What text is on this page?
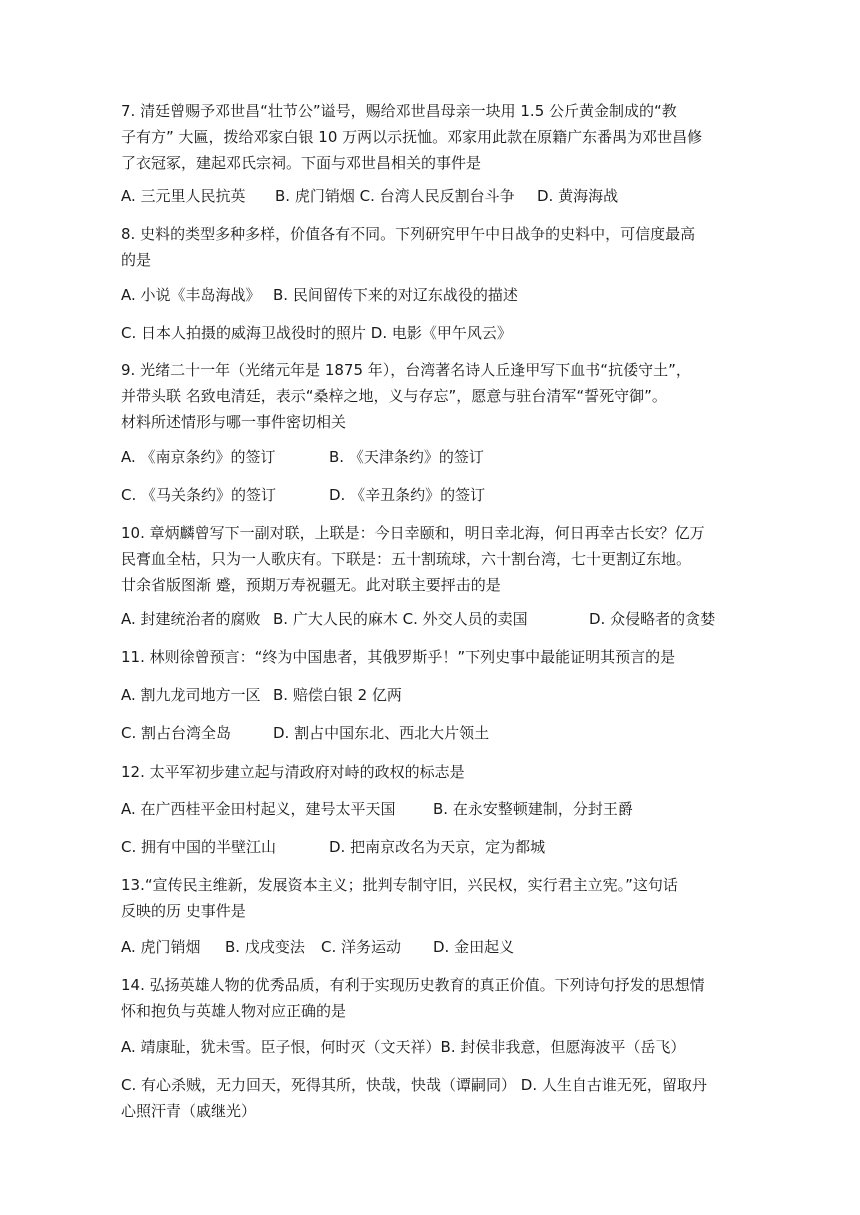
7. 清廷曾赐予邓世昌“壮节公”谥号，赐给邓世昌母亲一块用 1.5 公斤黄金制成的“教
子有方” 大匾，拨给邓家白银 10 万两以示抚恤。邓家用此款在原籍广东番禺为邓世昌修
了衣冠冢，建起邓氏宗祠。下面与邓世昌相关的事件是
A. 三元里人民抗英 B. 虎门销烟 C. 台湾人民反割台斗争 D. 黄海海战
8. 史料的类型多种多样，价值各有不同。下列研究甲午中日战争的史料中，可信度最高
的是
A. 小说《丰岛海战》 B. 民间留传下来的对辽东战役的描述
C. 日本人拍摄的威海卫战役时的照片 D. 电影《甲午风云》
9. 光绪二十一年（光绪元年是 1875 年），台湾著名诗人丘逢甲写下血书“抗倭守土”，
并带头联 名致电清廷，表示“桑梓之地，义与存忘”，愿意与驻台清军“誓死守御”。
材料所述情形与哪一事件密切相关
A. 《南京条约》的签订	B. 《天津条约》的签订
C. 《马关条约》的签订	D. 《辛丑条约》的签订
10. 章炳麟曾写下一副对联，上联是：今日幸颐和，明日幸北海，何日再幸古长安？亿万
民膏血全枯，只为一人歌庆有。下联是：五十割琉球，六十割台湾，七十更割辽东地。
廿余省版图渐 蹙，预期万寿祝疆无。此对联主要抨击的是
A. 封建统治者的腐败 B. 广大人民的麻木 C. 外交人员的卖国	D. 众侵略者的贪婪
11. 林则徐曾预言：“终为中国患者，其俄罗斯乎！”下列史事中最能证明其预言的是
A. 割九龙司地方一区 B. 赔偿白银 2 亿两
C. 割占台湾全岛	D. 割占中国东北、西北大片领土
12. 太平军初步建立起与清政府对峙的政权的标志是
A. 在广西桂平金田村起义，建号太平天国 B. 在永安整顿建制，分封王爵
C. 拥有中国的半壁江山	D. 把南京改名为天京，定为都城
13.“宣传民主维新，发展资本主义；批判专制守旧，兴民权，实行君主立宪。”这句话
反映的历 史事件是
A. 虎门销烟 B. 戊戌变法 C. 洋务运动 D. 金田起义
14. 弘扬英雄人物的优秀品质，有利于实现历史教育的真正价值。下列诗句抒发的思想情
怀和抱负与英雄人物对应正确的是
A. 靖康耻，犹未雪。臣子恨，何时灭（文天祥）B. 封侯非我意，但愿海波平（岳飞）
C. 有心杀贼，无力回天，死得其所，快哉，快哉（谭嗣同） D. 人生自古谁无死，留取丹
心照汗青（戚继光）
